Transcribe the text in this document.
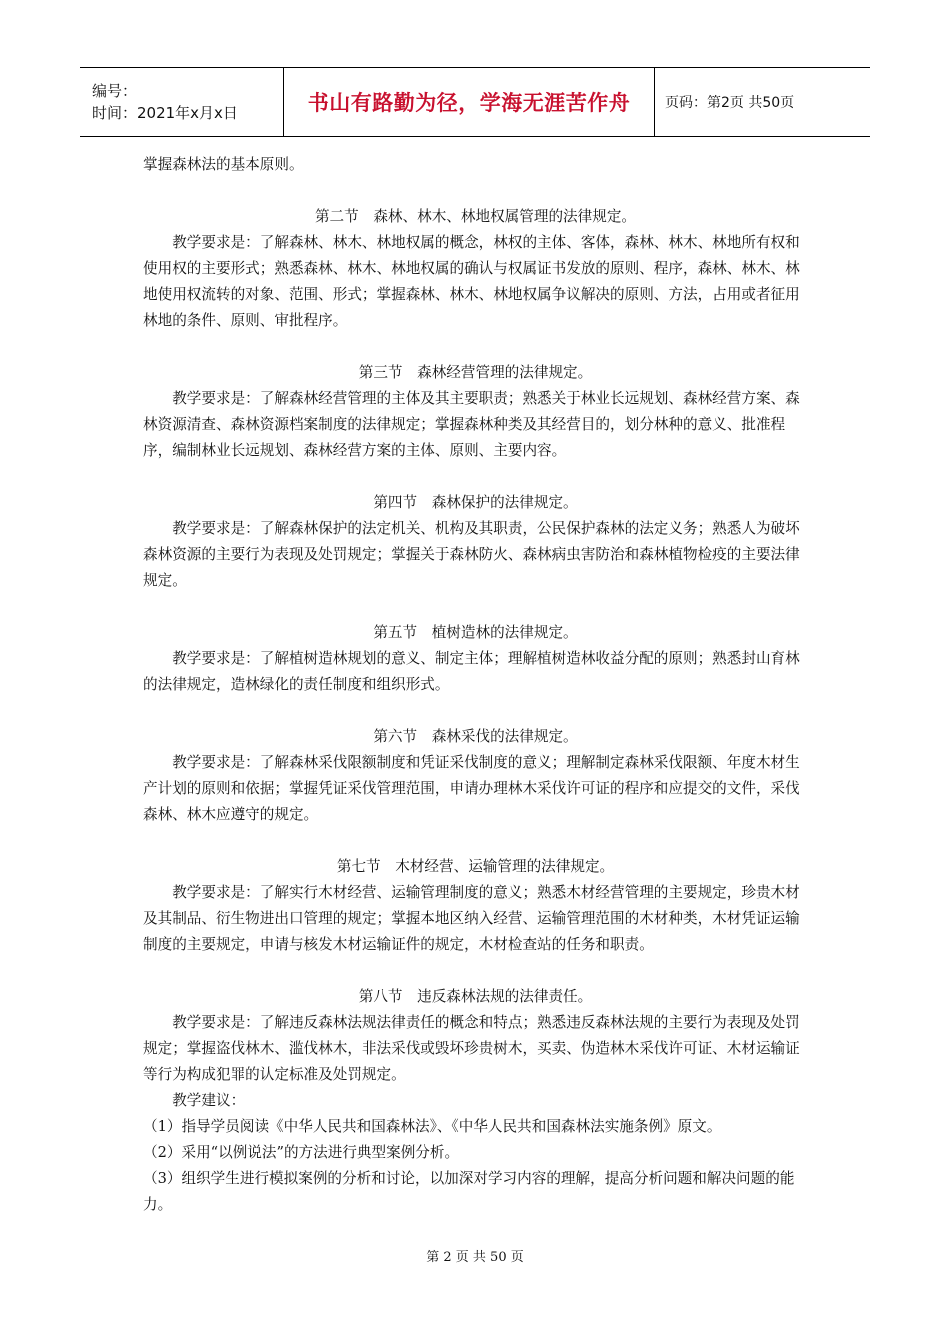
编号：
时间：2021年x月x日	书山有路勤为径，学海无涯苦作舟	页码：第2页 共50页

掌握森林法的基本原则。

第二节　森林、林木、林地权属管理的法律规定。

教学要求是：了解森林、林木、林地权属的概念，林权的主体、客体，森林、林木、林地所有权和使用权的主要形式；熟悉森林、林木、林地权属的确认与权属证书发放的原则、程序，森林、林木、林地使用权流转的对象、范围、形式；掌握森林、林木、林地权属争议解决的原则、方法，占用或者征用林地的条件、原则、审批程序。

第三节　森林经营管理的法律规定。

教学要求是：了解森林经营管理的主体及其主要职责；熟悉关于林业长远规划、森林经营方案、森林资源清查、森林资源档案制度的法律规定；掌握森林种类及其经营目的，划分林种的意义、批准程序，编制林业长远规划、森林经营方案的主体、原则、主要内容。

第四节　森林保护的法律规定。

教学要求是：了解森林保护的法定机关、机构及其职责，公民保护森林的法定义务；熟悉人为破坏森林资源的主要行为表现及处罚规定；掌握关于森林防火、森林病虫害防治和森林植物检疫的主要法律规定。

第五节　植树造林的法律规定。

教学要求是：了解植树造林规划的意义、制定主体；理解植树造林收益分配的原则；熟悉封山育林的法律规定，造林绿化的责任制度和组织形式。

第六节　森林采伐的法律规定。

教学要求是：了解森林采伐限额制度和凭证采伐制度的意义；理解制定森林采伐限额、年度木材生产计划的原则和依据；掌握凭证采伐管理范围，申请办理林木采伐许可证的程序和应提交的文件，采伐森林、林木应遵守的规定。

第七节　木材经营、运输管理的法律规定。

教学要求是：了解实行木材经营、运输管理制度的意义；熟悉木材经营管理的主要规定，珍贵木材及其制品、衍生物进出口管理的规定；掌握本地区纳入经营、运输管理范围的木材种类，木材凭证运输制度的主要规定，申请与核发木材运输证件的规定，木材检查站的任务和职责。

第八节　违反森林法规的法律责任。

教学要求是：了解违反森林法规法律责任的概念和特点；熟悉违反森林法规的主要行为表现及处罚规定；掌握盗伐林木、滥伐林木，非法采伐或毁坏珍贵树木，买卖、伪造林木采伐许可证、木材运输证等行为构成犯罪的认定标准及处罚规定。

教学建议：

（1）指导学员阅读《中华人民共和国森林法》、《中华人民共和国森林法实施条例》原文。

（2）采用“以例说法”的方法进行典型案例分析。

（3）组织学生进行模拟案例的分析和讨论，以加深对学习内容的理解，提高分析问题和解决问题的能力。

第 2 页 共 50 页
